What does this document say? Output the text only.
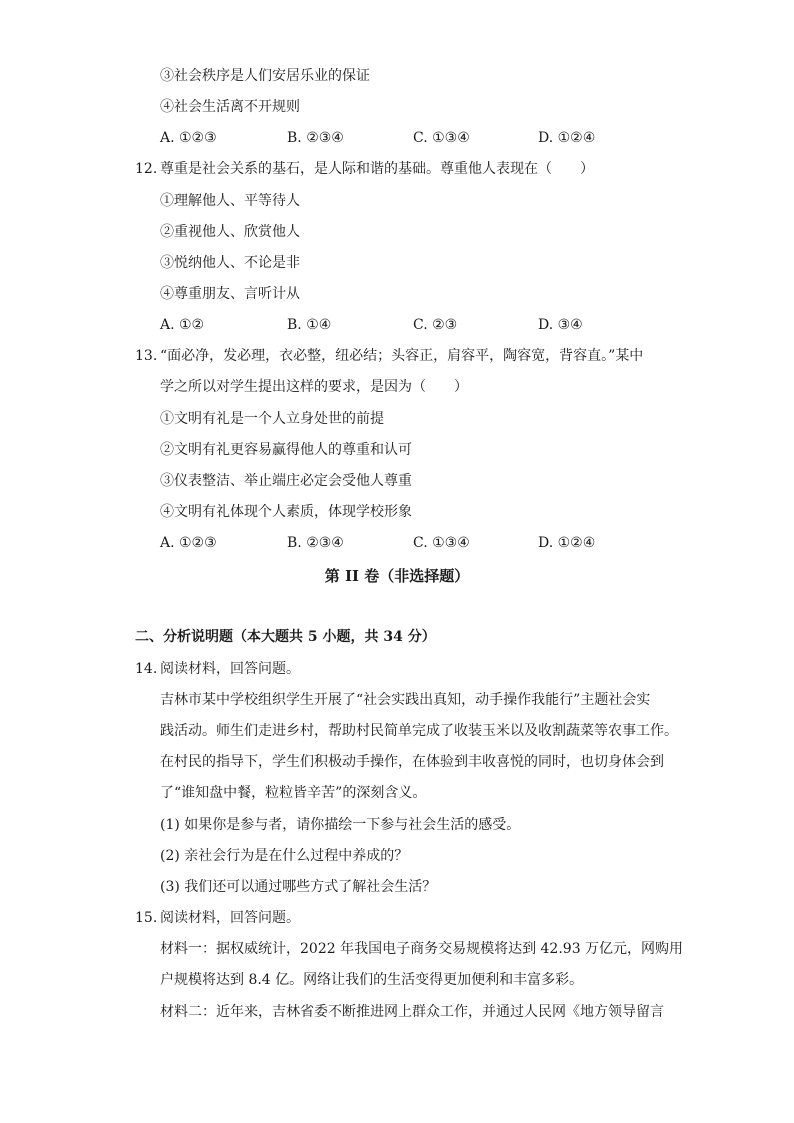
③社会秩序是人们安居乐业的保证
④社会生活离不开规则
A. ①②③	B. ②③④	C. ①③④	D. ①②④
12. 尊重是社会关系的基石，是人际和谐的基础。尊重他人表现在（　　）
①理解他人、平等待人
②重视他人、欣赏他人
③悦纳他人、不论是非
④尊重朋友、言听计从
A. ①②	B. ①④	C. ②③	D. ③④
13. “面必净，发必理，衣必整，纽必结；头容正，肩容平，陶容宽，背容直。”某中
学之所以对学生提出这样的要求，是因为（　　）
①文明有礼是一个人立身处世的前提
②文明有礼更容易赢得他人的尊重和认可
③仪表整洁、举止端庄必定会受他人尊重
④文明有礼体现个人素质，体现学校形象
A. ①②③	B. ②③④	C. ①③④	D. ①②④
第 II 卷（非选择题）
二、分析说明题（本大题共 5 小题，共 34 分）
14. 阅读材料，回答问题。
吉林市某中学校组织学生开展了“社会实践出真知，动手操作我能行”主题社会实
践活动。师生们走进乡村，帮助村民简单完成了收装玉米以及收割蔬菜等农事工作。
在村民的指导下，学生们积极动手操作，在体验到丰收喜悦的同时，也切身体会到
了“谁知盘中餐，粒粒皆辛苦”的深刻含义。
(1) 如果你是参与者，请你描绘一下参与社会生活的感受。
(2) 亲社会行为是在什么过程中养成的？
(3) 我们还可以通过哪些方式了解社会生活？
15. 阅读材料，回答问题。
材料一：据权威统计，2022 年我国电子商务交易规模将达到 42.93 万亿元，网购用
户规模将达到 8.4 亿。网络让我们的生活变得更加便利和丰富多彩。
材料二：近年来，吉林省委不断推进网上群众工作，并通过人民网《地方领导留言
